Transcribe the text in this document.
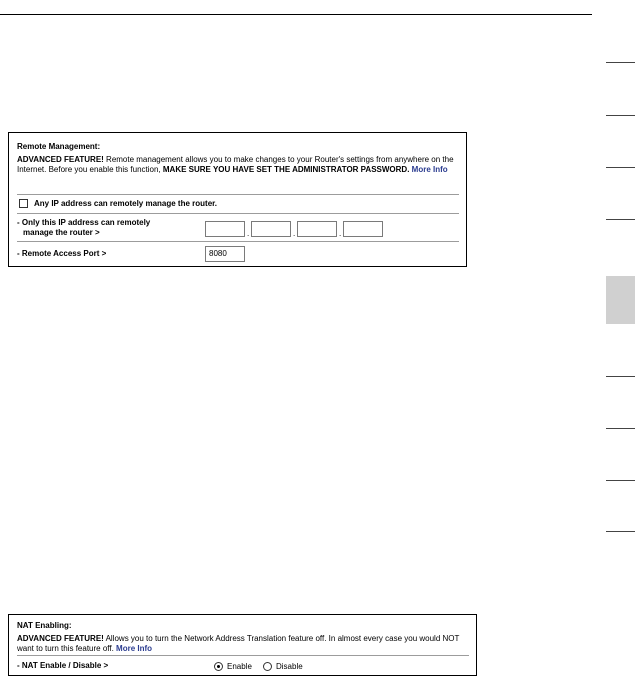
Remote Management:

ADVANCED FEATURE! Remote management allows you to make changes to your Router's settings from anywhere on the Internet. Before you enable this function, MAKE SURE YOU HAVE SET THE ADMINISTRATOR PASSWORD. More Info

Any IP address can remotely manage the router.
- Only this IP address can remotely
manage the router >	.	.	.
- Remote Access Port >	8080
NAT Enabling:

ADVANCED FEATURE! Allows you to turn the Network Address Translation feature off. In almost every case you would NOT want to turn this feature off. More Info

- NAT Enable / Disable >	Enable	Disable
